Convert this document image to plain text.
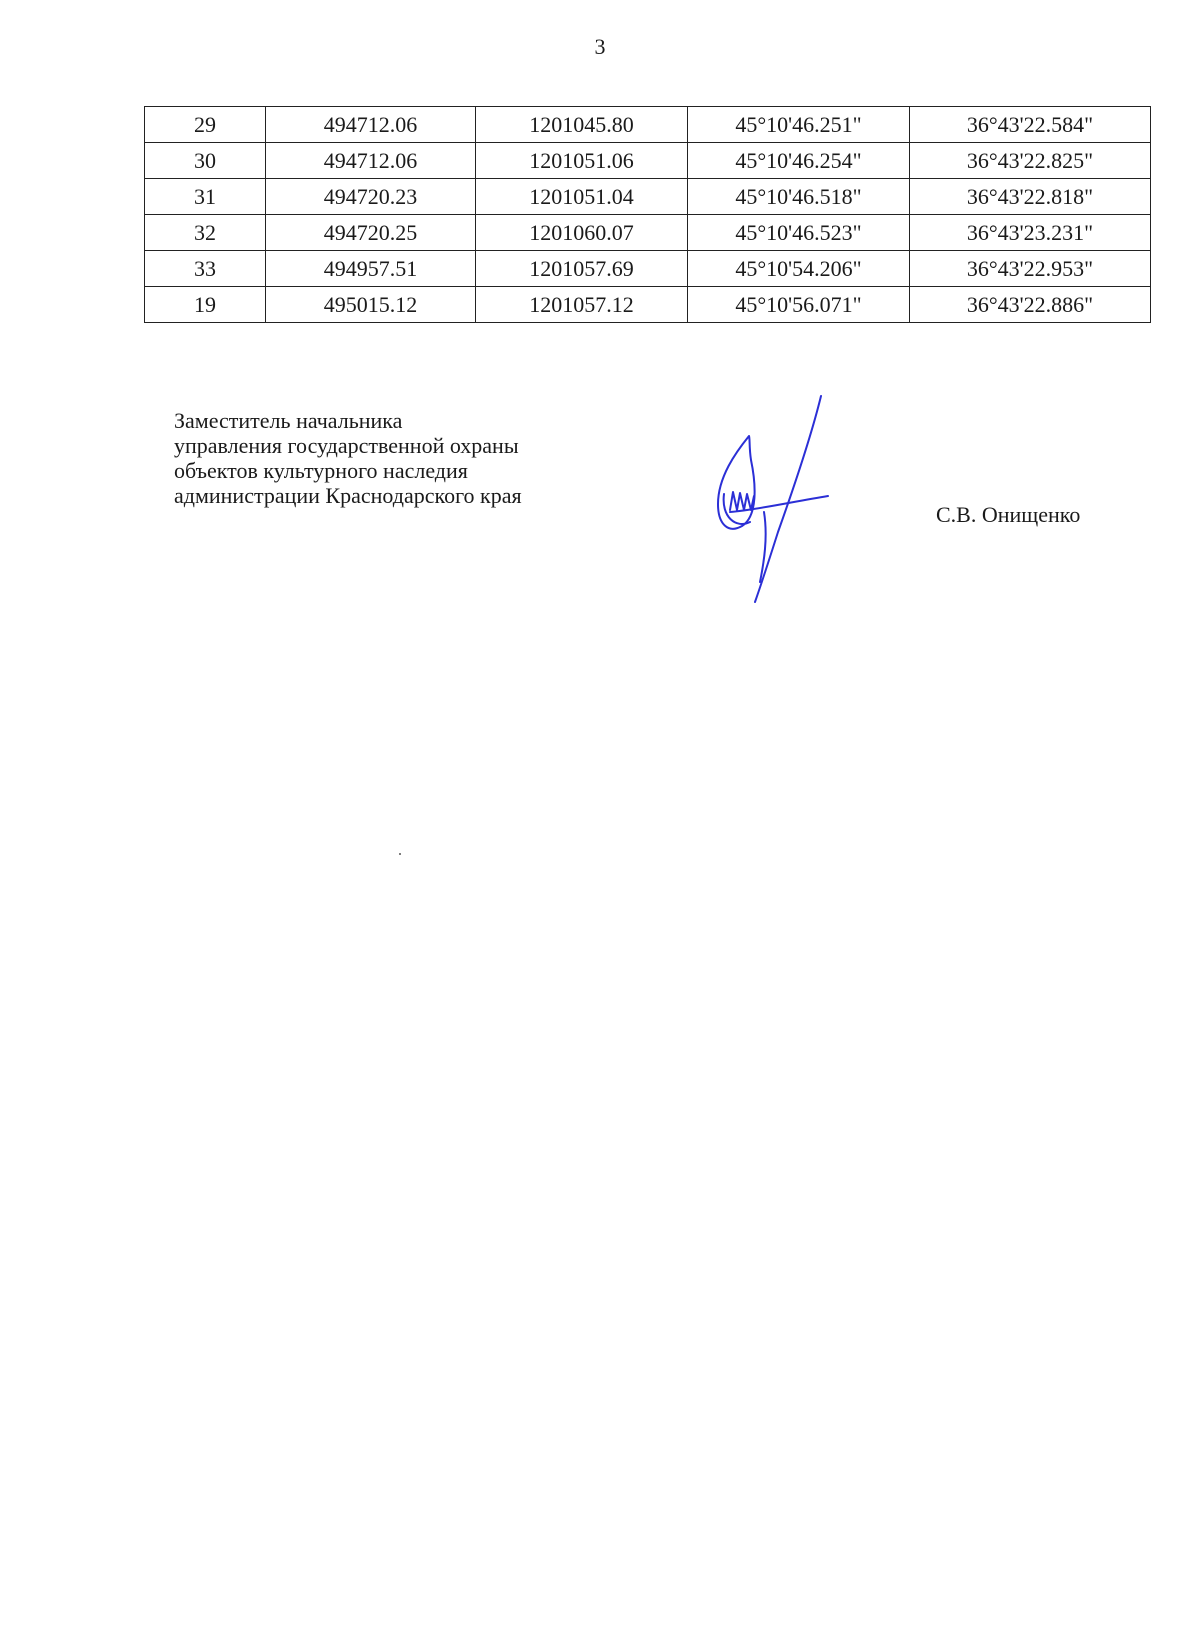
3
29	494712.06	1201045.80	45°10'46.251"	36°43'22.584"
30	494712.06	1201051.06	45°10'46.254"	36°43'22.825"
31	494720.23	1201051.04	45°10'46.518"	36°43'22.818"
32	494720.25	1201060.07	45°10'46.523"	36°43'23.231"
33	494957.51	1201057.69	45°10'54.206"	36°43'22.953"
19	495015.12	1201057.12	45°10'56.071"	36°43'22.886"
Заместитель начальника
управления государственной охраны
объектов культурного наследия
администрации Краснодарского края
С.В. Онищенко
